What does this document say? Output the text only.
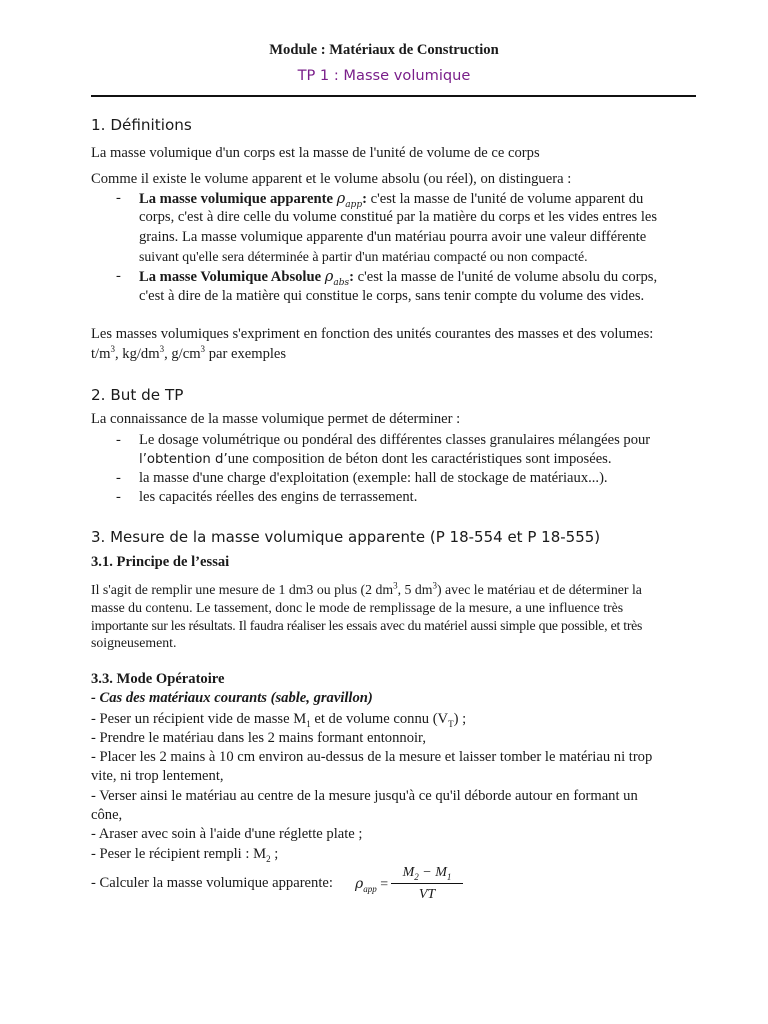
Module : Matériaux de Construction
TP 1 : Masse volumique
1. Définitions
La masse volumique d'un corps est la masse de l'unité de volume de ce corps
Comme il existe le volume apparent et le volume absolu (ou réel), on distinguera :
- La masse volumique apparente $\rho_{app}$: c'est la masse de l'unité de volume apparent du
corps, c'est à dire celle du volume constitué par la matière du corps et les vides entres les
grains. La masse volumique apparente d'un matériau pourra avoir une valeur différente
suivant qu'elle sera déterminée à partir d'un matériau compacté ou non compacté.
- La masse Volumique Absolue $\rho_{abs}$: c'est la masse de l'unité de volume absolu du corps,
c'est à dire de la matière qui constitue le corps, sans tenir compte du volume des vides.
Les masses volumiques s'expriment en fonction des unités courantes des masses et des volumes:
$t/m^3$, $kg/dm^3$, $g/cm^3$ par exemples
2. But de TP
La connaissance de la masse volumique permet de déterminer :
- Le dosage volumétrique ou pondéral des différentes classes granulaires mélangées pour
l’obtention d’une composition de béton dont les caractéristiques sont imposées.
- la masse d'une charge d'exploitation (exemple: hall de stockage de matériaux...).
- les capacités réelles des engins de terrassement.
3. Mesure de la masse volumique apparente (P 18-554 et P 18-555)
3.1. Principe de l’essai
Il s'agit de remplir une mesure de 1 dm3 ou plus (2 $dm^3$, 5 $dm^3$) avec le matériau et de déterminer la
masse du contenu. Le tassement, donc le mode de remplissage de la mesure, a une influence très
importante sur les résultats. Il faudra réaliser les essais avec du matériel aussi simple que possible, et très
soigneusement.
3.3. Mode Opératoire
- Cas des matériaux courants (sable, gravillon)
- Peser un récipient vide de masse $M_1$ et de volume connu $(V_T)$ ;
- Prendre le matériau dans les 2 mains formant entonnoir,
- Placer les 2 mains à 10 cm environ au-dessus de la mesure et laisser tomber le matériau ni trop
vite, ni trop lentement,
- Verser ainsi le matériau au centre de la mesure jusqu'à ce qu'il déborde autour en formant un
cône,
- Araser avec soin à l'aide d'une réglette plate ;
- Peser le récipient rempli : $M_2$ ;
- Calculer la masse volumique apparente:	$\rho_{app}$ =
$M_2 - M_1$
VT
